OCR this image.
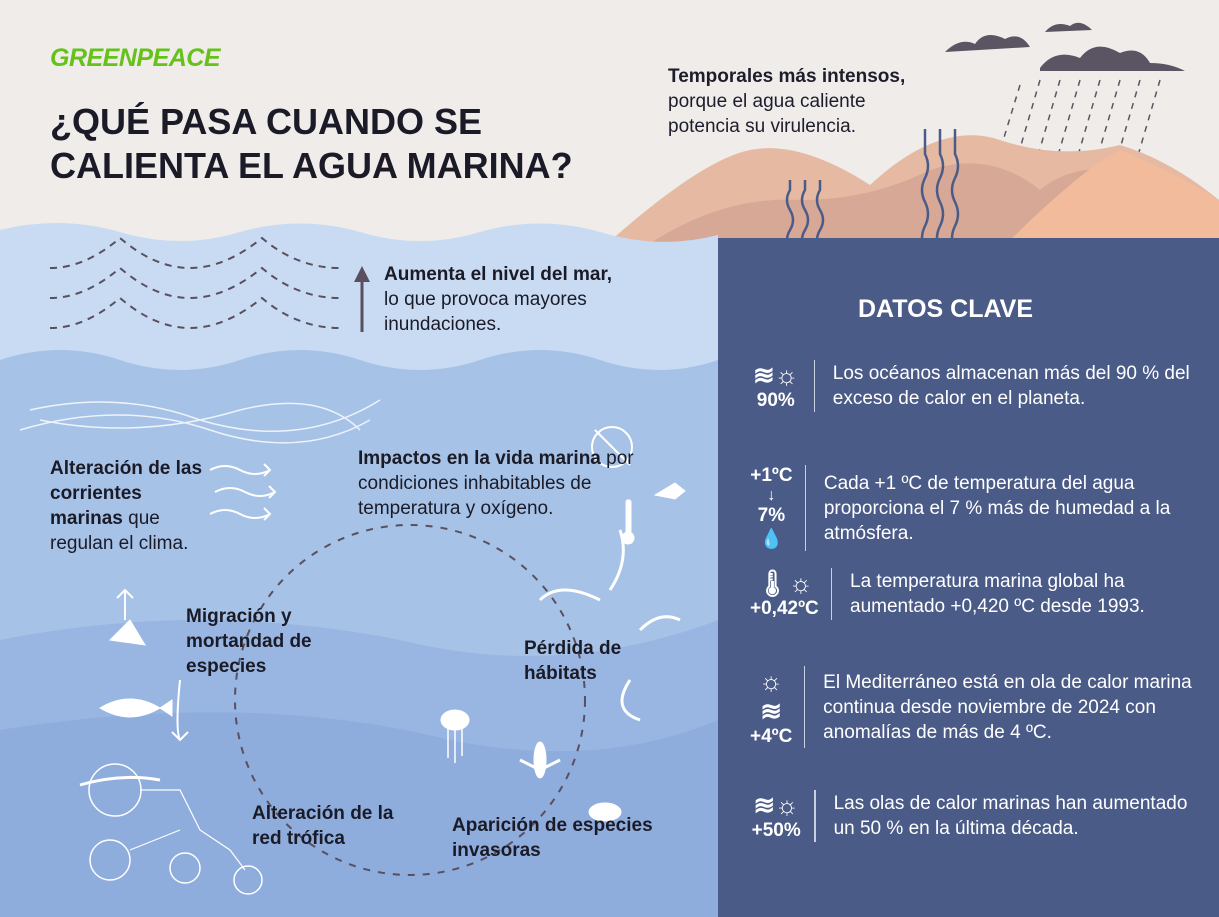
GREENPEACE
¿QUÉ PASA CUANDO SE CALIENTA EL AGUA MARINA?
Temporales más intensos,
porque el agua caliente potencia su virulencia.
Aumenta el nivel del mar,
lo que provoca mayores inundaciones.
Alteración de las corrientes marinas que regulan el clima.
Impactos en la vida marina por condiciones inhabitables de temperatura y oxígeno.
Migración y mortandad de especies
Pérdida de hábitats
Alteración de la red trófica
Aparición de especies invasoras
DATOS CLAVE
≋☼
90%
Los océanos almacenan más del 90 % del exceso de calor en el planeta.
+1ºC
↓
7% 💧
Cada +1 ºC de temperatura del agua proporciona el 7 % más de humedad a la atmósfera.
🌡☼
+0,42ºC
La temperatura marina global ha aumentado +0,420 ºC desde 1993.
☼
≋
+4ºC
El Mediterráneo está en ola de calor marina continua desde noviembre de 2024 con anomalías de más de 4 ºC.
≋☼
+50%
Las olas de calor marinas han aumentado un 50 % en la última década.
